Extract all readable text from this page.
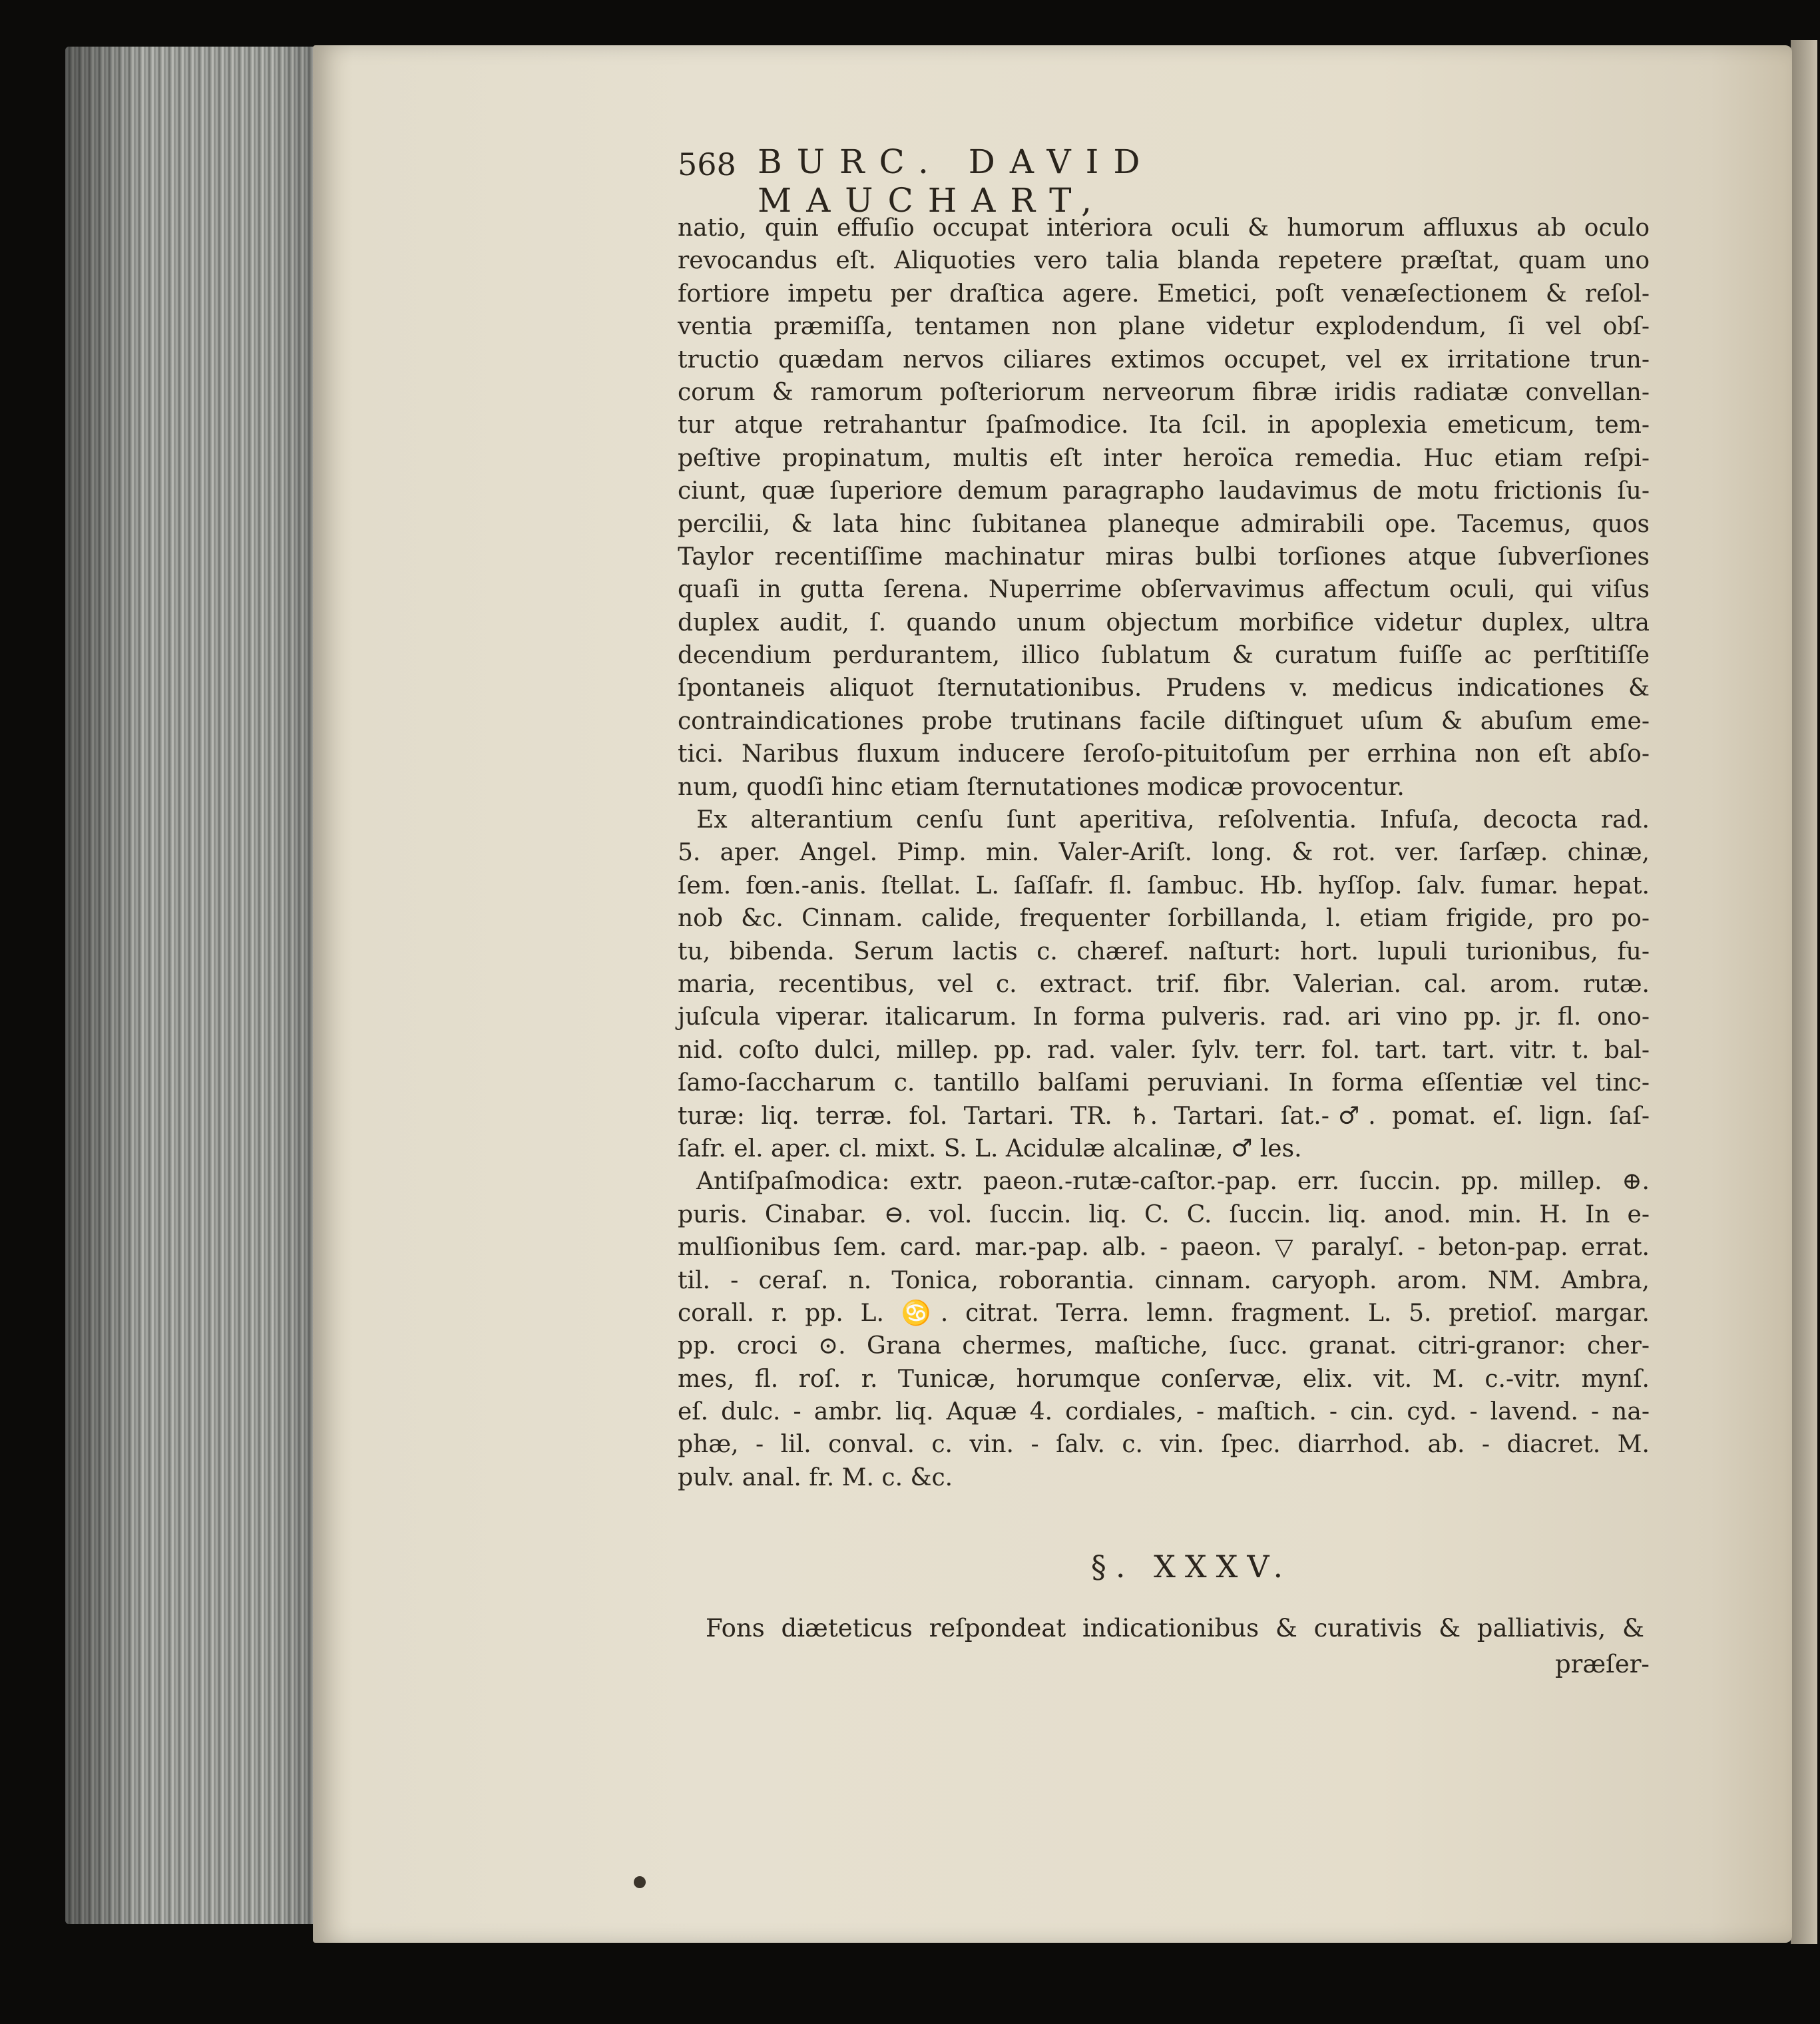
568 BURC. DAVID MAUCHART,
natio, quin effuſio occupat interiora oculi & humorum affluxus ab oculo
revocandus eſt. Aliquoties vero talia blanda repetere præſtat, quam uno
fortiore impetu per draſtica agere. Emetici, poſt venæſectionem & reſol-
ventia præmiſſa, tentamen non plane videtur explodendum, ſi vel obſ-
tructio quædam nervos ciliares extimos occupet, vel ex irritatione trun-
corum & ramorum poſteriorum nerveorum fibræ iridis radiatæ convellan-
tur atque retrahantur ſpaſmodice. Ita ſcil. in apoplexia emeticum, tem-
peſtive propinatum, multis eſt inter heroïca remedia. Huc etiam reſpi-
ciunt, quæ ſuperiore demum paragrapho laudavimus de motu frictionis ſu-
percilii, & lata hinc ſubitanea planeque admirabili ope. Tacemus, quos
Taylor recentiſſime machinatur miras bulbi torſiones atque ſubverſiones
quaſi in gutta ſerena. Nuperrime obſervavimus affectum oculi, qui viſus
duplex audit, ſ. quando unum objectum morbifice videtur duplex, ultra
decendium perdurantem, illico ſublatum & curatum fuiſſe ac perſtitiſſe
ſpontaneis aliquot ſternutationibus. Prudens v. medicus indicationes &
contraindicationes probe trutinans facile diſtinguet uſum & abuſum eme-
tici. Naribus fluxum inducere ſeroſo-pituitoſum per errhina non eſt abſo-
num, quodſi hinc etiam ſternutationes modicæ provocentur.
Ex alterantium cenſu ſunt aperitiva, reſolventia. Infuſa, decocta rad.
5. aper. Angel. Pimp. min. Valer-Ariſt. long. & rot. ver. ſarſæp. chinæ,
ſem. fœn.-anis. ſtellat. L. ſaſſafr. fl. ſambuc. Hb. hyſſop. ſalv. fumar. hepat.
nob &c. Cinnam. calide, frequenter ſorbillanda, l. etiam frigide, pro po-
tu, bibenda. Serum lactis c. chæref. naſturt: hort. lupuli turionibus, fu-
maria, recentibus, vel c. extract. trif. fibr. Valerian. cal. arom. rutæ.
juſcula viperar. italicarum. In forma pulveris. rad. ari vino pp. jr. fl. ono-
nid. coſto dulci, millep. pp. rad. valer. ſylv. terr. fol. tart. tart. vitr. t. bal-
ſamo-ſaccharum c. tantillo balſami peruviani. In forma eſſentiæ vel tinc-
turæ: liq. terræ. fol. Tartari. TR. ♄. Tartari. ſat.-♂. pomat. eſ. lign. ſaſ-
ſafr. el. aper. cl. mixt. S. L. Acidulæ alcalinæ, ♂ les.
Antiſpaſmodica: extr. paeon.-rutæ-caſtor.-pap. err. ſuccin. pp. millep. ⊕.
puris. Cinabar. ⊖. vol. ſuccin. liq. C. C. ſuccin. liq. anod. min. H. In e-
mulſionibus ſem. card. mar.-pap. alb. - paeon. ▽ paralyſ. - beton-pap. errat.
til. - ceraſ. n. Tonica, roborantia. cinnam. caryoph. arom. NM. Ambra,
corall. r. pp. L. ♋. citrat. Terra. lemn. fragment. L. 5. pretioſ. margar.
pp. croci ⊙. Grana chermes, maſtiche, ſucc. granat. citri-granor: cher-
mes, fl. roſ. r. Tunicæ, horumque conſervæ, elix. vit. M. c.-vitr. mynſ.
eſ. dulc. - ambr. liq. Aquæ 4. cordiales, - maſtich. - cin. cyd. - lavend. - na-
phæ, - lil. conval. c. vin. - ſalv. c. vin. ſpec. diarrhod. ab. - diacret. M.
pulv. anal. fr. M. c. &c.
§. XXXV.
Fons diæteticus reſpondeat indicationibus & curativis & palliativis, &
præſer-
